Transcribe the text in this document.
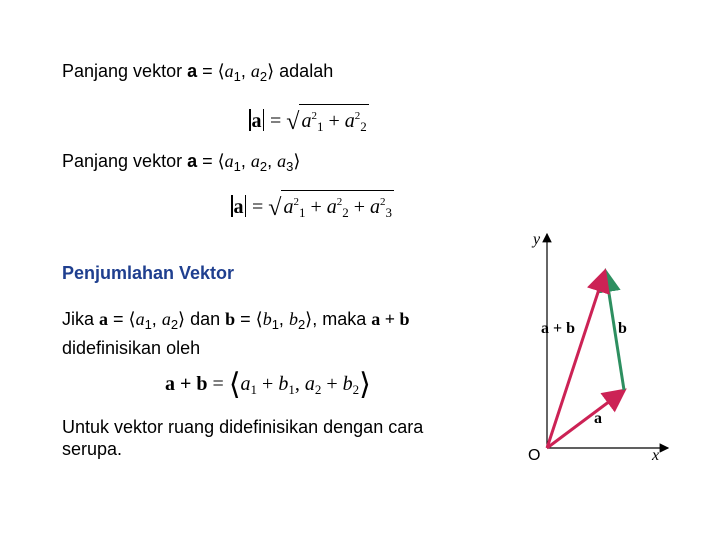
Panjang vektor $a = ⟨a_1$, $a_2⟩$ adalah
a = √ $a^2_1 + a^2_2$
Panjang vektor $a = ⟨a_1$, $a_2$, $a_3⟩$
a = √ $a^2_1 + a^2_2 + a^2_3$
Penjumlahan Vektor
Jika $a = ⟨a_1$, $a_2⟩$ dan $b = ⟨b_1$, $b_2⟩$, maka a + b
didefinisikan oleh
$a + b = ⟨a_1 + b_1$, $a_2$ + $b_2⟩$
Untuk vektor ruang didefinisikan dengan cara
serupa.
y
x
O
a
b
a + b
